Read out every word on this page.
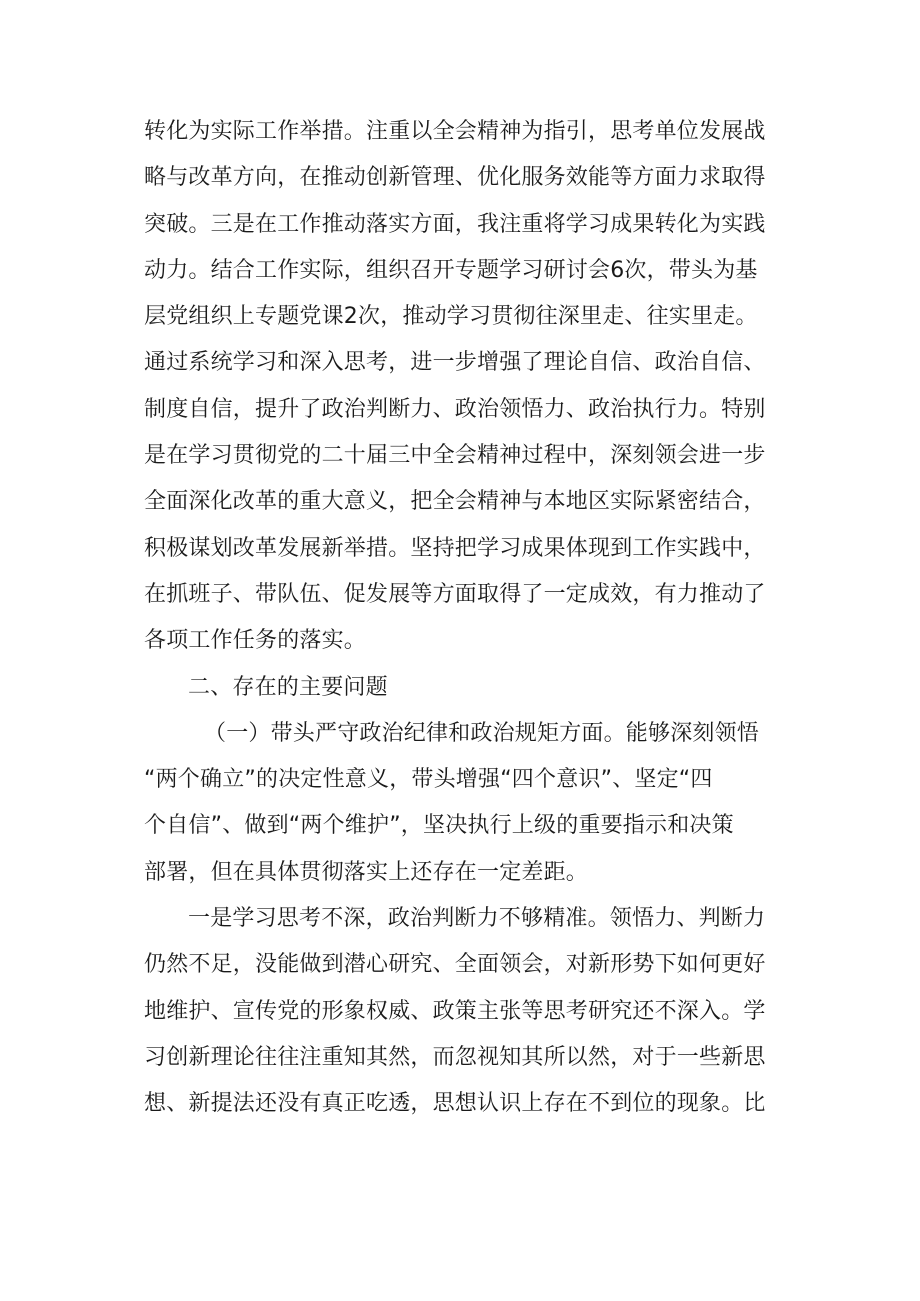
转化为实际工作举措。注重以全会精神为指引，思考单位发展战
略与改革方向，在推动创新管理、优化服务效能等方面力求取得
突破。三是在工作推动落实方面，我注重将学习成果转化为实践
动力。结合工作实际，组织召开专题学习研讨会6次，带头为基
层党组织上专题党课2次，推动学习贯彻往深里走、往实里走。
通过系统学习和深入思考，进一步增强了理论自信、政治自信、
制度自信，提升了政治判断力、政治领悟力、政治执行力。特别
是在学习贯彻党的二十届三中全会精神过程中，深刻领会进一步
全面深化改革的重大意义，把全会精神与本地区实际紧密结合，
积极谋划改革发展新举措。坚持把学习成果体现到工作实践中，
在抓班子、带队伍、促发展等方面取得了一定成效，有力推动了
各项工作任务的落实。
二、存在的主要问题
（一）带头严守政治纪律和政治规矩方面。能够深刻领悟
“两个确立”的决定性意义，带头增强“四个意识”、坚定“四
个自信”、做到“两个维护”，坚决执行上级的重要指示和决策
部署，但在具体贯彻落实上还存在一定差距。
一是学习思考不深，政治判断力不够精准。领悟力、判断力
仍然不足，没能做到潜心研究、全面领会，对新形势下如何更好
地维护、宣传党的形象权威、政策主张等思考研究还不深入。学
习创新理论往往注重知其然，而忽视知其所以然，对于一些新思
想、新提法还没有真正吃透，思想认识上存在不到位的现象。比
